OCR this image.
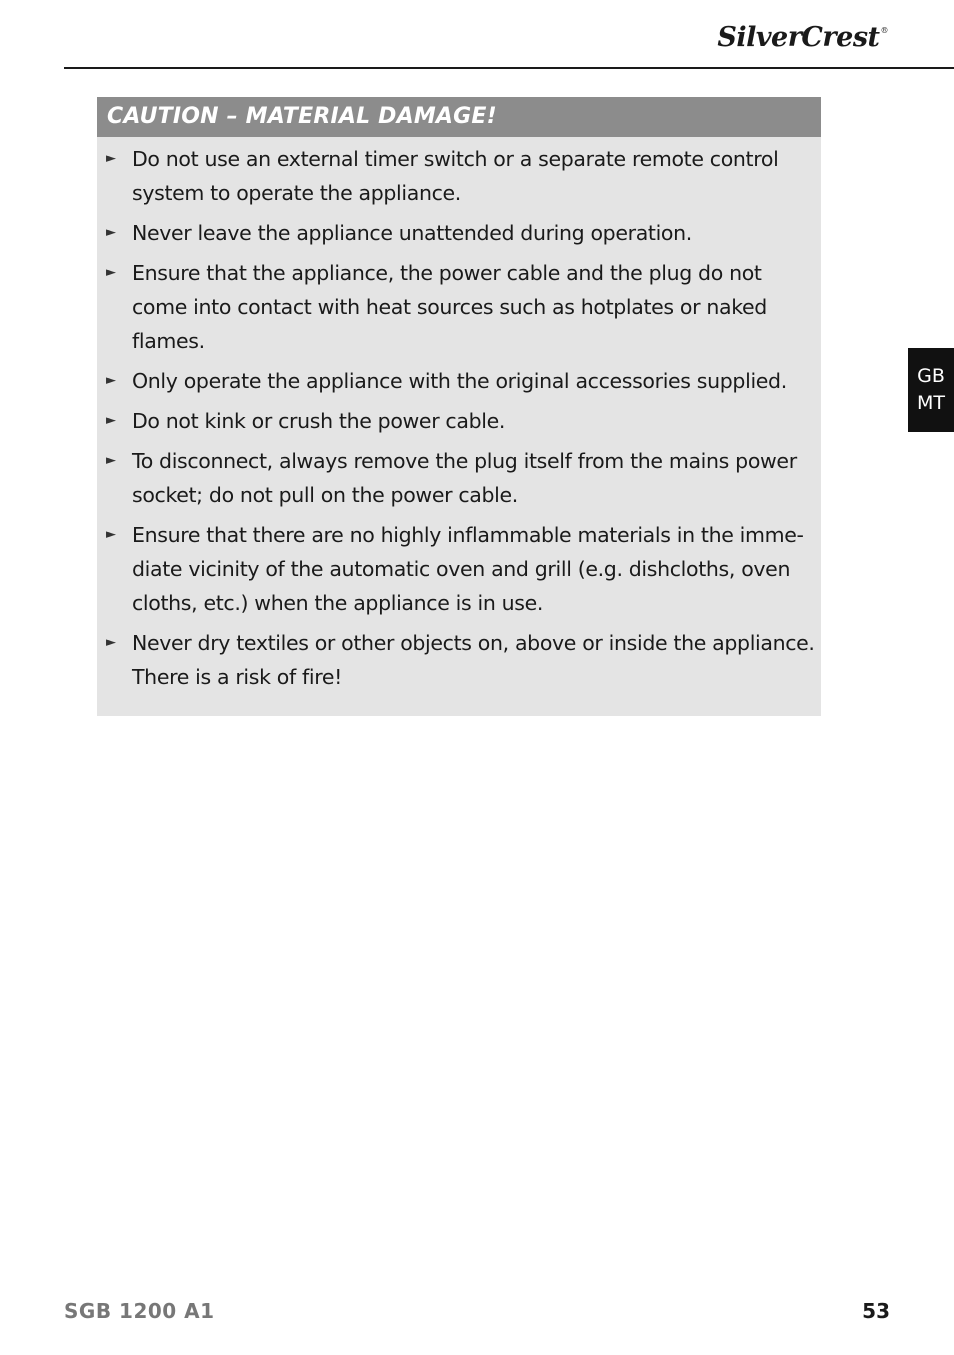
SilverCrest®
CAUTION – MATERIAL DAMAGE!
► Do not use an external timer switch or a separate remote control system to operate the appliance.
► Never leave the appliance unattended during operation.
► Ensure that the appliance, the power cable and the plug do not come into contact with heat sources such as hotplates or naked flames.
► Only operate the appliance with the original accessories supplied.
► Do not kink or crush the power cable.
► To disconnect, always remove the plug itself from the mains power socket; do not pull on the power cable.
► Ensure that there are no highly inflammable materials in the immediate vicinity of the automatic oven and grill (e.g. dishcloths, oven cloths, etc.) when the appliance is in use.
► Never dry textiles or other objects on, above or inside the appliance. There is a risk of fire!
GB
MT
SGB 1200 A1	53
